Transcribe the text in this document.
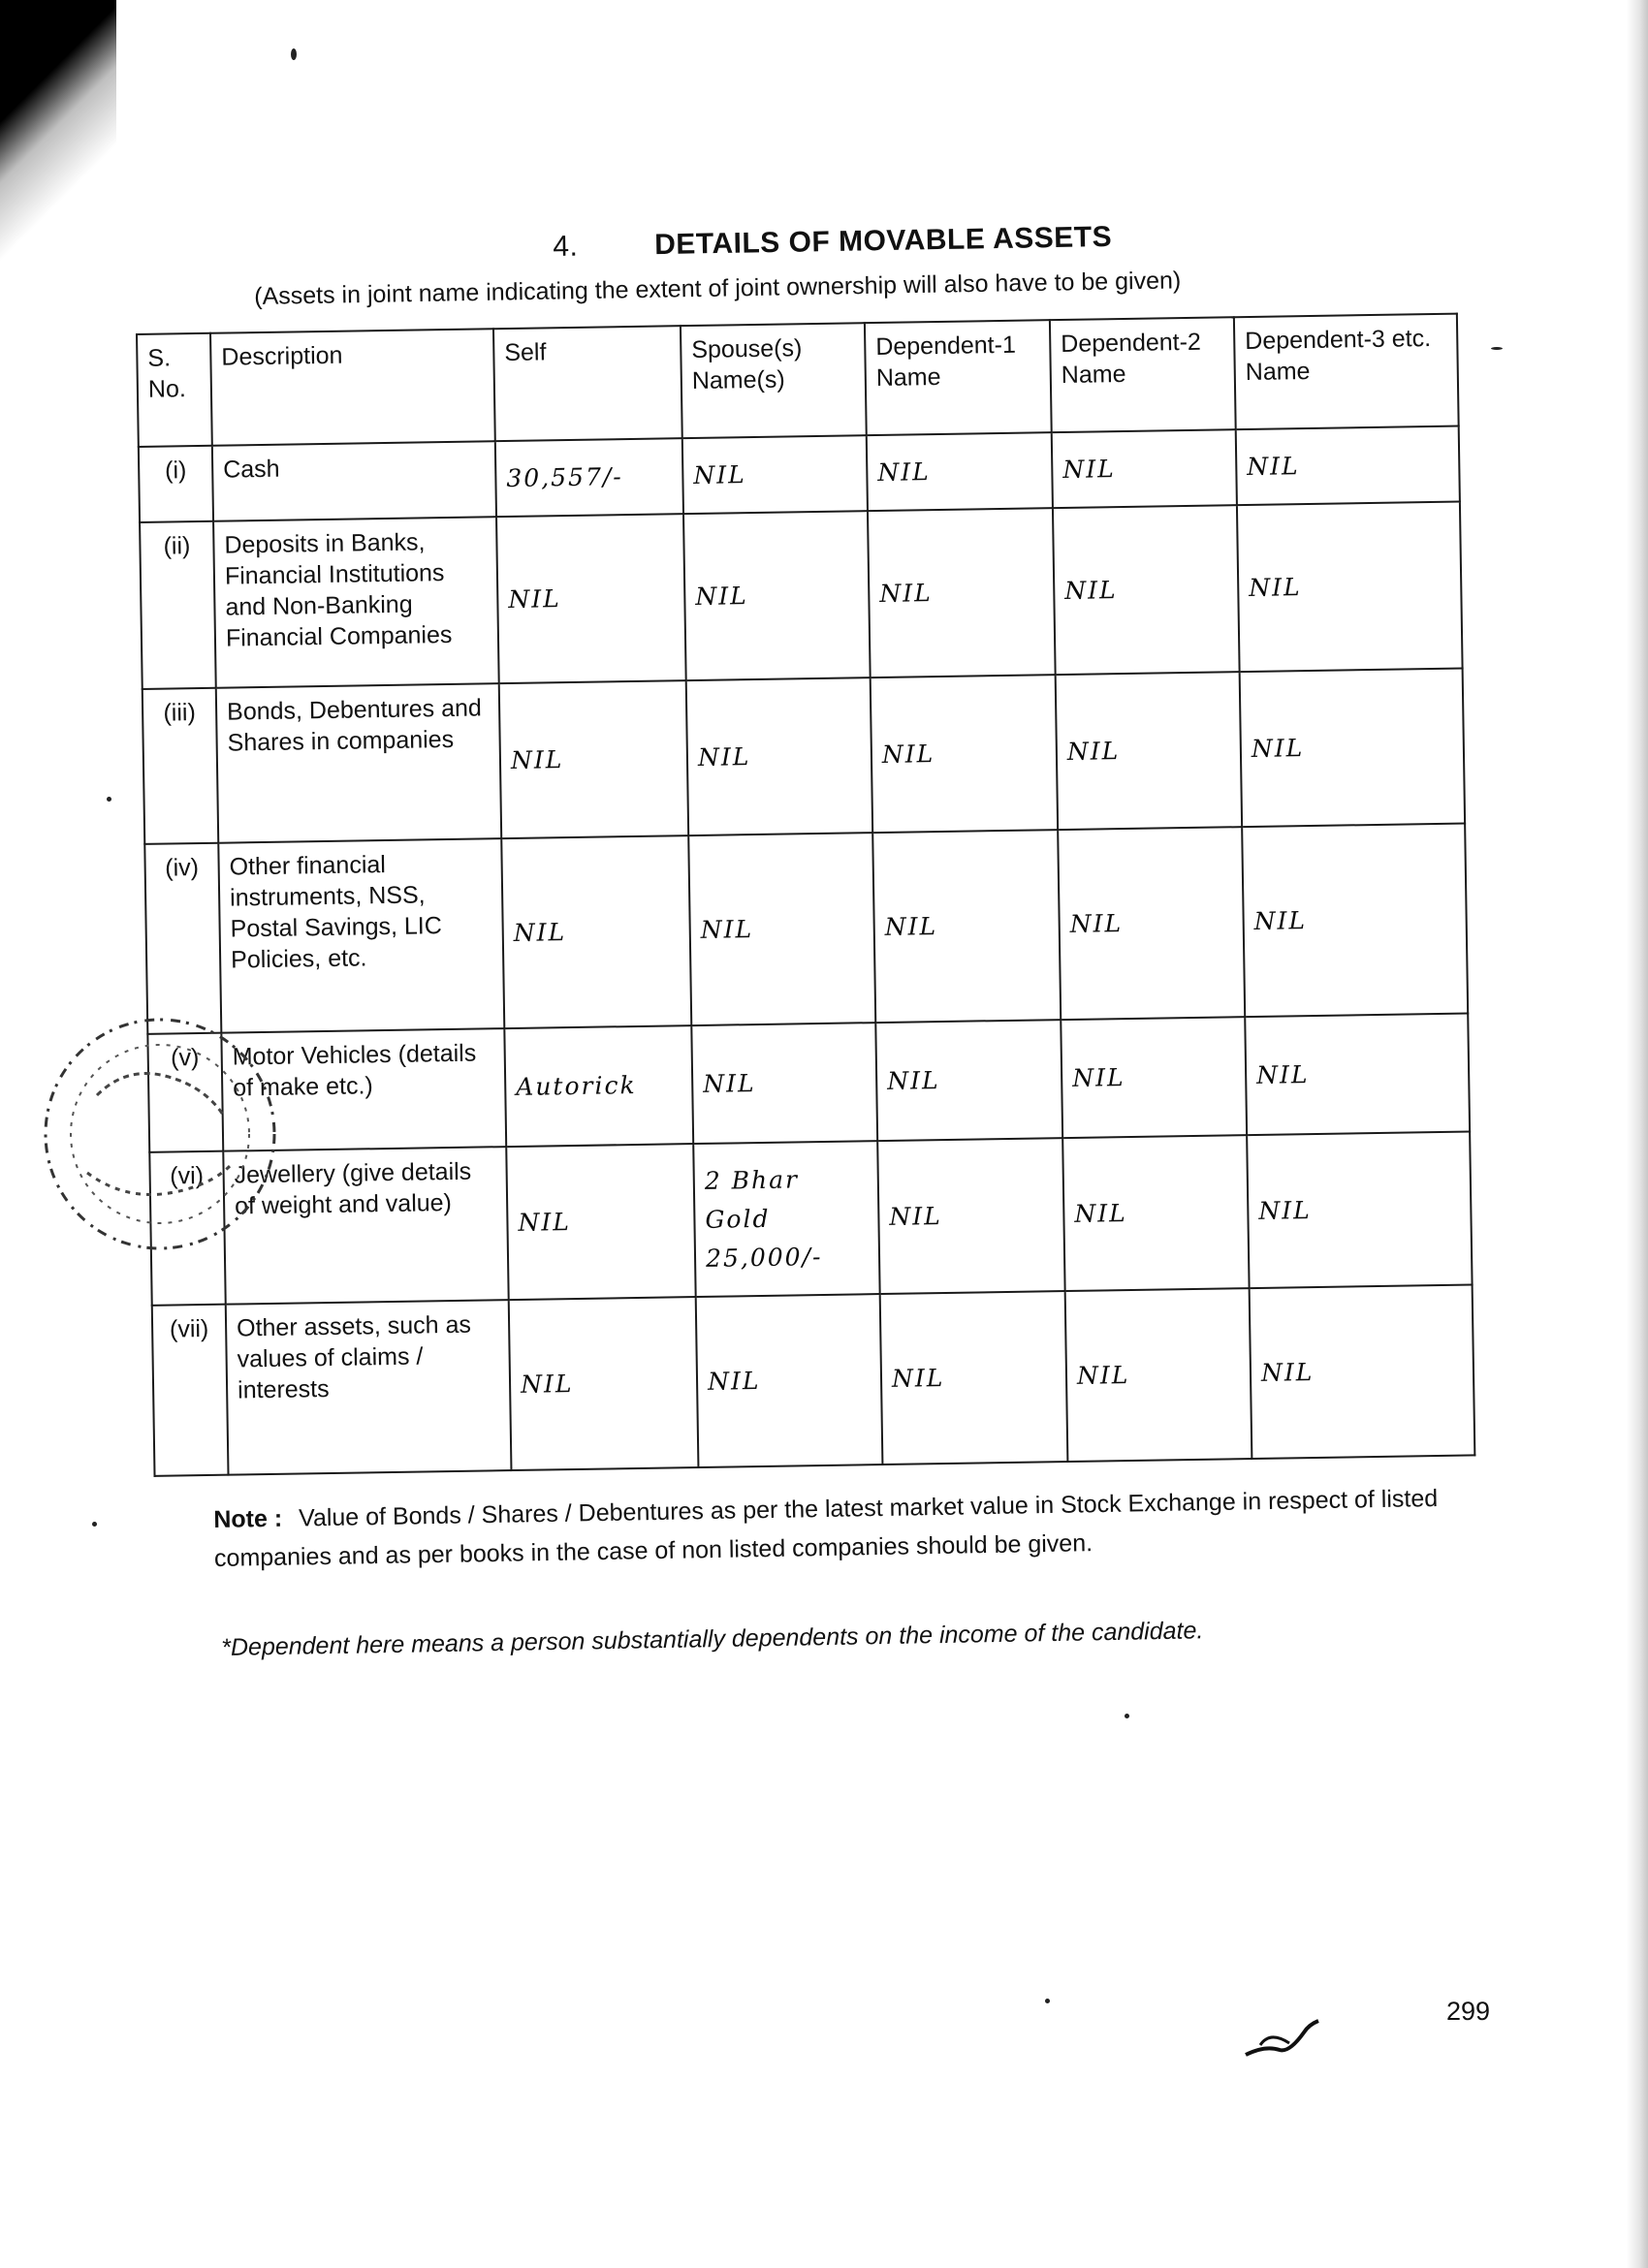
4.	DETAILS OF MOVABLE ASSETS
(Assets in joint name indicating the extent of joint ownership will also have to be given)
S. No.	Description	Self	Spouse(s) Name(s)	Dependent-1 Name	Dependent-2 Name	Dependent-3 etc. Name
(i)	Cash	30,557/-	NIL	NIL	NIL	NIL
(ii)	Deposits in Banks, Financial Institutions and Non-Banking Financial Companies	NIL	NIL	NIL	NIL	NIL
(iii)	Bonds, Debentures and Shares in companies	NIL	NIL	NIL	NIL	NIL
(iv)	Other financial instruments, NSS, Postal Savings, LIC Policies, etc.	NIL	NIL	NIL	NIL	NIL
(v)	Motor Vehicles (details of make etc.)	Autorick	NIL	NIL	NIL	NIL
(vi)	Jewellery (give details of weight and value)	NIL	2 Bhar Gold 25,000/-	NIL	NIL	NIL
(vii)	Other assets, such as values of claims / interests	NIL	NIL	NIL	NIL	NIL
Note : Value of Bonds / Shares / Debentures as per the latest market value in Stock Exchange in respect of listed companies and as per books in the case of non listed companies should be given.
*Dependent here means a person substantially dependents on the income of the candidate.
299
